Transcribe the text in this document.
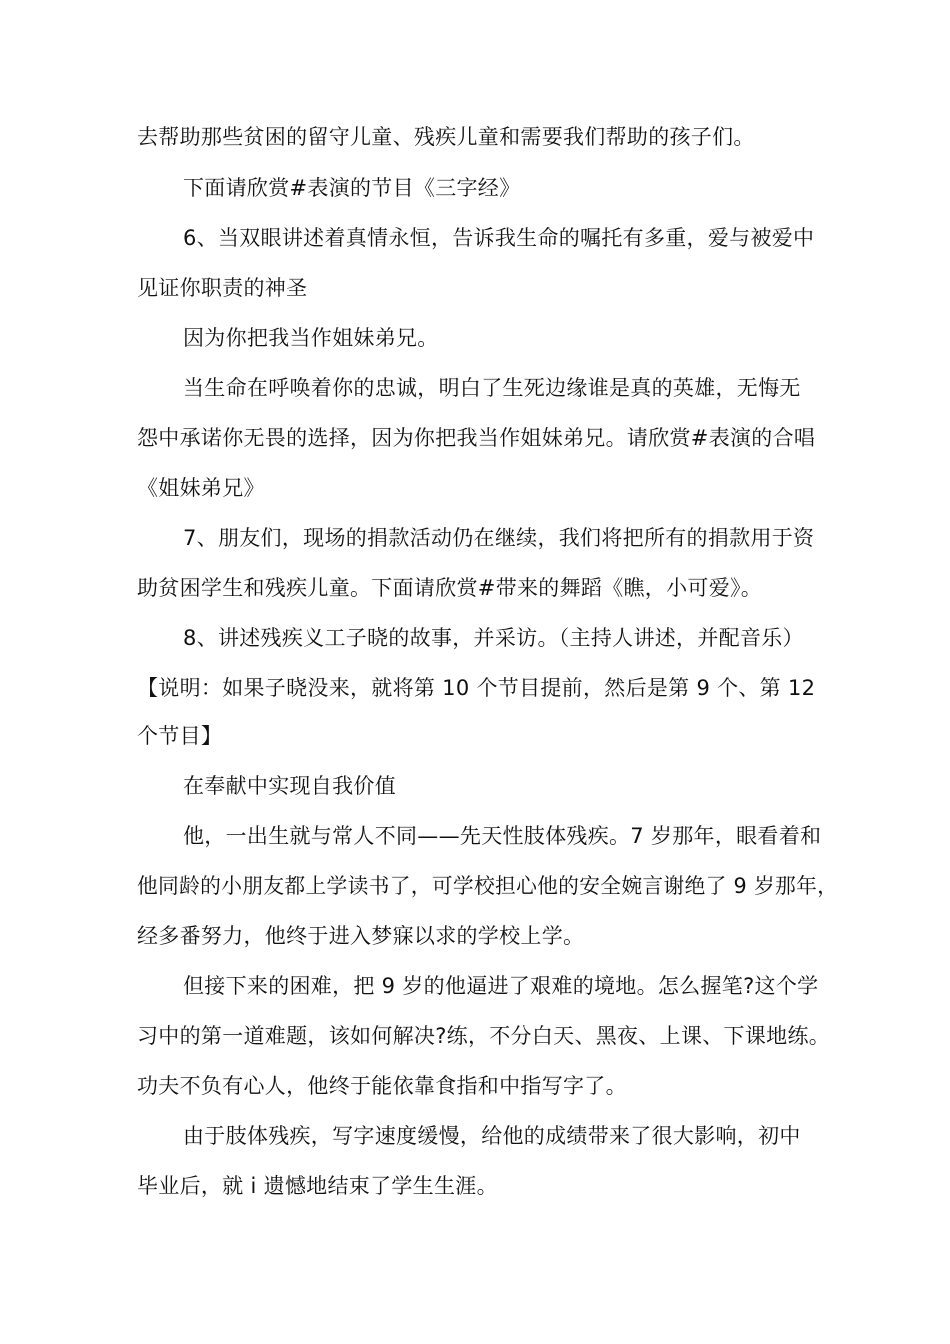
去帮助那些贫困的留守儿童、残疾儿童和需要我们帮助的孩子们。
下面请欣赏#表演的节目《三字经》
6、当双眼讲述着真情永恒，告诉我生命的嘱托有多重，爱与被爱中
见证你职责的神圣
因为你把我当作姐妹弟兄。
当生命在呼唤着你的忠诚，明白了生死边缘谁是真的英雄，无悔无
怨中承诺你无畏的选择，因为你把我当作姐妹弟兄。请欣赏#表演的合唱
《姐妹弟兄》
7、朋友们，现场的捐款活动仍在继续，我们将把所有的捐款用于资
助贫困学生和残疾儿童。下面请欣赏#带来的舞蹈《瞧，小可爱》。
8、讲述残疾义工子晓的故事，并采访。（主持人讲述，并配音乐）
【说明：如果子晓没来，就将第 10 个节目提前，然后是第 9 个、第 12
个节目】
在奉献中实现自我价值
他，一出生就与常人不同——先天性肢体残疾。7 岁那年，眼看着和
他同龄的小朋友都上学读书了，可学校担心他的安全婉言谢绝了 9 岁那年，
经多番努力，他终于进入梦寐以求的学校上学。
但接下来的困难，把 9 岁的他逼进了艰难的境地。怎么握笔?这个学
习中的第一道难题，该如何解决?练，不分白天、黑夜、上课、下课地练。
功夫不负有心人，他终于能依靠食指和中指写字了。
由于肢体残疾，写字速度缓慢，给他的成绩带来了很大影响，初中
毕业后，就 i 遗憾地结束了学生生涯。
